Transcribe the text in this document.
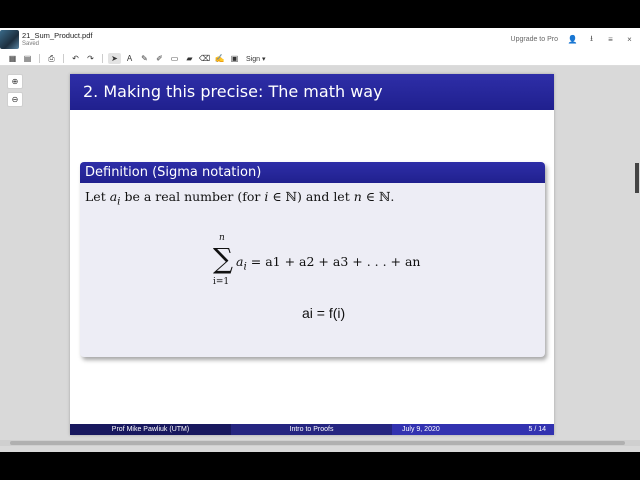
21_Sum_Product.pdf
Saved
Upgrade to Pro 👤	⭳	≡ ×
▦ ▤	⎙	↶	↷	➤	A	✎	✐ ▭	▰ ⌫ ✍ ▣	Sign ▾
⊕
⊖	2. Making this precise: The math way
Definition (Sigma notation)
Let $a_i$ be a real number (for i ∈ ℕ) and let n ∈ ℕ.
n
∑
i=1
$a_i = a1 + a2 + a3$ + . . . + an
ai = f(i)
Prof Mike Pawliuk (UTM)	Intro to Proofs	July 9, 2020	5 / 14
